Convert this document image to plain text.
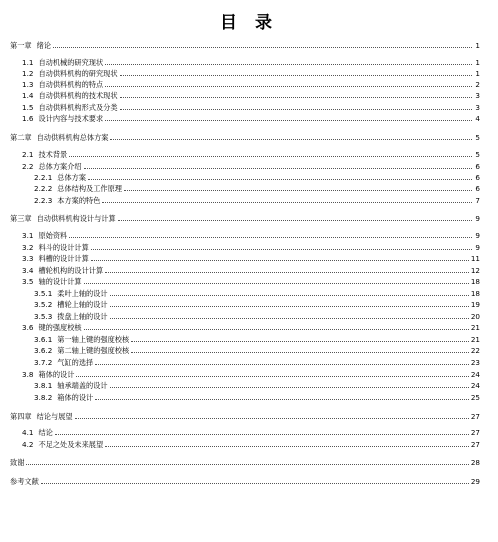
目 录
第一章 绪论	1
1.1 自动机械的研究现状	1
1.2 自动供料机构的研究现状	1
1.3 自动供料机构的特点	2
1.4 自动供料机构的技术现状	3
1.5 自动供料机构形式及分类	3
1.6 设计内容与技术要求	4
第二章 自动供料机构总体方案	5
2.1 技术背景	5
2.2 总体方案介绍	6
2.2.1 总体方案	6
2.2.2 总体结构及工作原理	6
2.2.3 本方案的特色	7
第三章 自动供料机构设计与计算	9
3.1 原始资料	9
3.2 料斗的设计计算	9
3.3 料槽的设计计算	11
3.4 槽轮机构的设计计算	12
3.5 轴的设计计算	18
3.5.1 柔叶上轴的设计	18
3.5.2 槽轮上轴的设计	19
3.5.3 拨盘上轴的设计	20
3.6 键的强度校核	21
3.6.1 第一轴上键的强度校核	21
3.6.2 第二轴上键的强度校核	22
3.7.2 气缸的选择	23
3.8 箱体的设计	24
3.8.1 轴承端盖的设计	24
3.8.2 箱体的设计	25
第四章 结论与展望	27
4.1 结论	27
4.2 不足之处及未来展望	27
致谢	28
参考文献	29
